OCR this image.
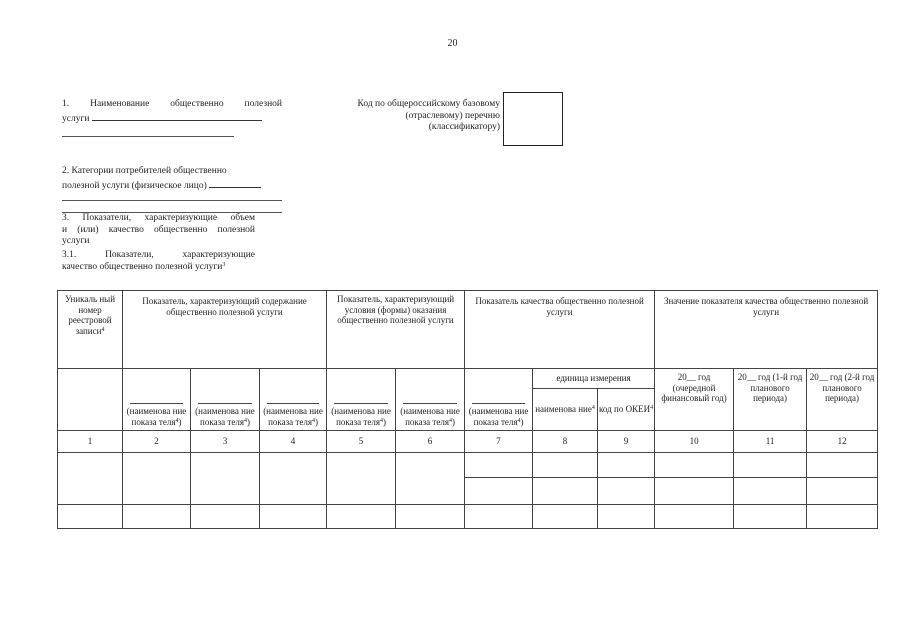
20
1. Наименование общественно полезной
услуги
Код по общероссийскому базовому
(отраслевому) перечню
(классификатору)
2. Категории потребителей общественно
полезной услуги (физическое лицо)
3. Показатели, характеризующие объем
и (или) качество общественно полезной
услуги
3.1. Показатели, характеризующие
качество общественно полезной услуги$^3$
Уникаль ный номер реестровой записи$^4$	Показатель, характеризующий содержание общественно полезной услуги			Показатель, характеризующий условия (формы) оказания общественно полезной услуги		Показатель качества общественно полезной услуги			Значение показателя качества общественно полезной услуги		

(наименова ние показа теля$^4$)	(наименова ние показа теля$^4$)	(наименова ние показа теля$^4$)	(наименова ние показа теля$^4$)	(наименова ние показа теля$^4$)	(наименова ние показа теля$^4$)	единица измерения		20__ год (очередной финансовый год)	20__ год (1-й год планового периода)	20__ год (2-й год планового периода)
							наименова ние$^4$	код по ОКЕИ$^4$
1	2	3	4	5	6	7	8	9	10	11	12
